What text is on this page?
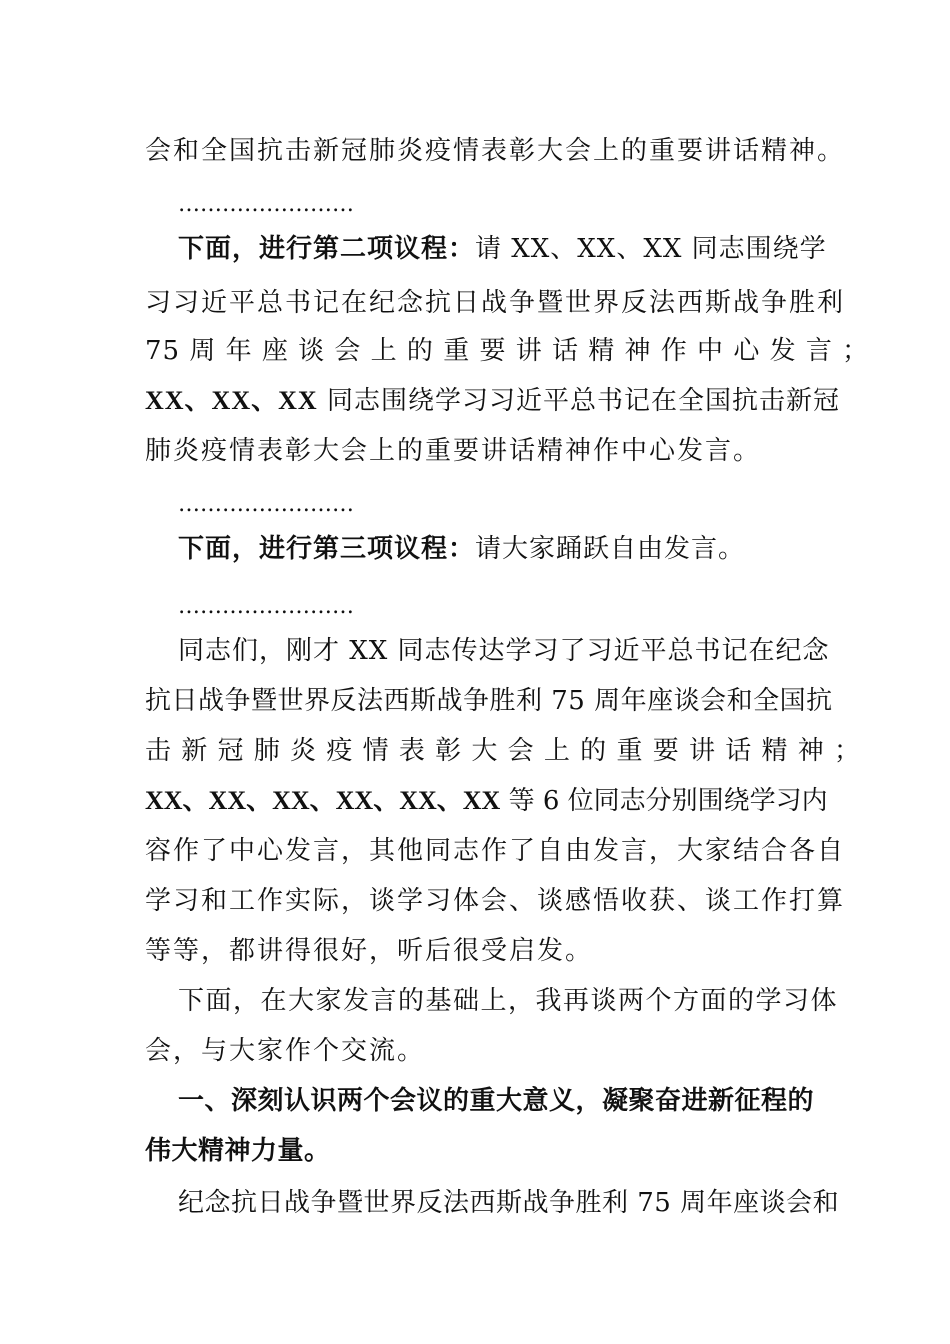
会和全国抗击新冠肺炎疫情表彰大会上的重要讲话精神。
……………………
下面，进行第二项议程：请 XX、XX、XX 同志围绕学
习习近平总书记在纪念抗日战争暨世界反法西斯战争胜利
75 周 年 座 谈 会 上 的 重 要 讲 话 精 神 作 中 心 发 言 ；
XX、XX、XX 同志围绕学习习近平总书记在全国抗击新冠
肺炎疫情表彰大会上的重要讲话精神作中心发言。
……………………
下面，进行第三项议程：请大家踊跃自由发言。
……………………
同志们，刚才 XX 同志传达学习了习近平总书记在纪念
抗日战争暨世界反法西斯战争胜利 75 周年座谈会和全国抗
击 新 冠 肺 炎 疫 情 表 彰 大 会 上 的 重 要 讲 话 精 神 ；
XX、XX、XX、XX、XX、XX 等 6 位同志分别围绕学习内
容作了中心发言，其他同志作了自由发言，大家结合各自
学习和工作实际，谈学习体会、谈感悟收获、谈工作打算
等等，都讲得很好，听后很受启发。
下面，在大家发言的基础上，我再谈两个方面的学习体
会，与大家作个交流。
一、深刻认识两个会议的重大意义，凝聚奋进新征程的
伟大精神力量。
纪念抗日战争暨世界反法西斯战争胜利 75 周年座谈会和
